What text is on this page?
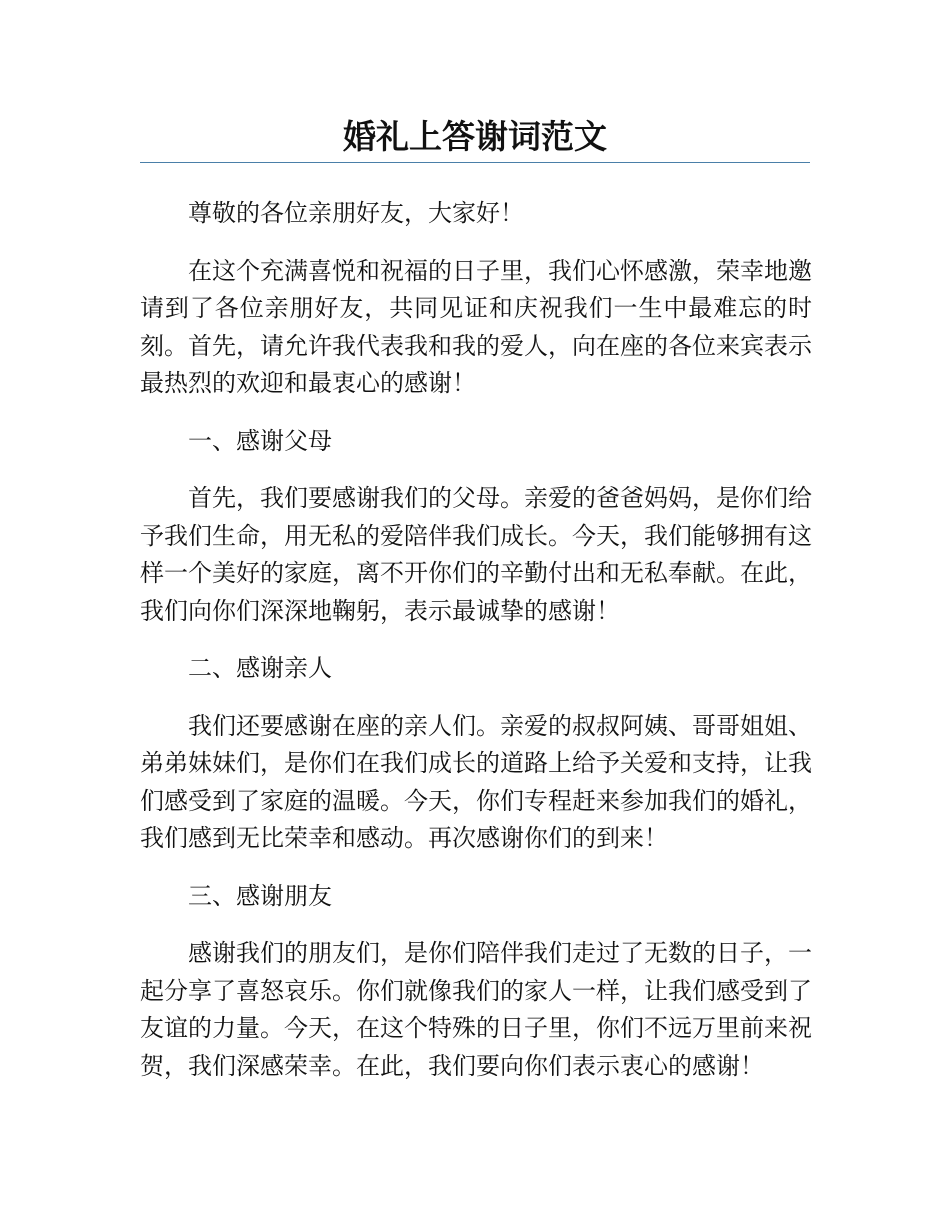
婚礼上答谢词范文

尊敬的各位亲朋好友，大家好！

在这个充满喜悦和祝福的日子里，我们心怀感激，荣幸地邀请到了各位亲朋好友，共同见证和庆祝我们一生中最难忘的时刻。首先，请允许我代表我和我的爱人，向在座的各位来宾表示最热烈的欢迎和最衷心的感谢！

一、感谢父母

首先，我们要感谢我们的父母。亲爱的爸爸妈妈，是你们给予我们生命，用无私的爱陪伴我们成长。今天，我们能够拥有这样一个美好的家庭，离不开你们的辛勤付出和无私奉献。在此，我们向你们深深地鞠躬，表示最诚挚的感谢！

二、感谢亲人

我们还要感谢在座的亲人们。亲爱的叔叔阿姨、哥哥姐姐、弟弟妹妹们，是你们在我们成长的道路上给予关爱和支持，让我们感受到了家庭的温暖。今天，你们专程赶来参加我们的婚礼，我们感到无比荣幸和感动。再次感谢你们的到来！

三、感谢朋友

感谢我们的朋友们，是你们陪伴我们走过了无数的日子，一起分享了喜怒哀乐。你们就像我们的家人一样，让我们感受到了友谊的力量。今天，在这个特殊的日子里，你们不远万里前来祝贺，我们深感荣幸。在此，我们要向你们表示衷心的感谢！
